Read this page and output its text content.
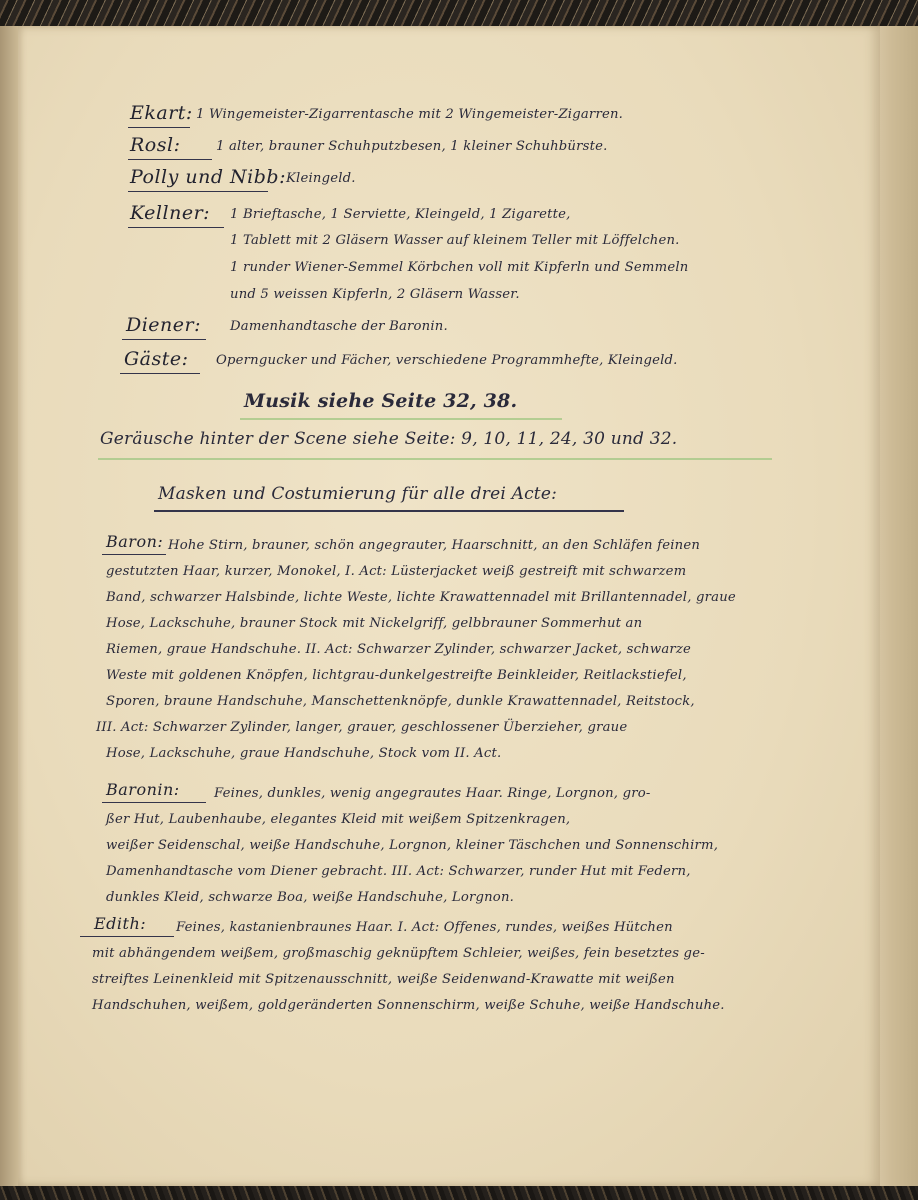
Ekart: 1 Wingemeister-Zigarrentasche mit 2 Wingemeister-Zigarren.
Rosl:	1 alter, brauner Schuhputzbesen, 1 kleiner Schuhbürste.
Polly und Nibb: Kleingeld.
Kellner: 1 Brieftasche, 1 Serviette, Kleingeld, 1 Zigarette,
1 Tablett mit 2 Gläsern Wasser auf kleinem Teller mit Löffelchen.
1 runder Wiener-Semmel Körbchen voll mit Kipferln und Semmeln
und 5 weissen Kipferln, 2 Gläsern Wasser.
Diener: Damenhandtasche der Baronin.
Gäste: Operngucker und Fächer, verschiedene Programmhefte, Kleingeld.
Musik siehe Seite 32, 38.
Geräusche hinter der Scene siehe Seite: 9, 10, 11, 24, 30 und 32.
Masken und Costumierung für alle drei Acte:
Baron: Hohe Stirn, brauner, schön angegrauter, Haarschnitt, an den Schläfen feinen
gestutzten Haar, kurzer, Monokel, I. Act: Lüsterjacket weiß gestreift mit schwarzem
Band, schwarzer Halsbinde, lichte Weste, lichte Krawattennadel mit Brillantennadel, graue
Hose, Lackschuhe, brauner Stock mit Nickelgriff, gelbbrauner Sommerhut an
Riemen, graue Handschuhe. II. Act: Schwarzer Zylinder, schwarzer Jacket, schwarze
Weste mit goldenen Knöpfen, lichtgrau-dunkelgestreifte Beinkleider, Reitlackstiefel,
Sporen, braune Handschuhe, Manschettenknöpfe, dunkle Krawattennadel, Reitstock,
III. Act: Schwarzer Zylinder, langer, grauer, geschlossener Überzieher, graue
Hose, Lackschuhe, graue Handschuhe, Stock vom II. Act.
Baronin:	Feines, dunkles, wenig angegrautes Haar. Ringe, Lorgnon, gro-
ßer Hut, Laubenhaube, elegantes Kleid mit weißem Spitzenkragen,
weißer Seidenschal, weiße Handschuhe, Lorgnon, kleiner Täschchen und Sonnenschirm,
Damenhandtasche vom Diener gebracht. III. Act: Schwarzer, runder Hut mit Federn,
dunkles Kleid, schwarze Boa, weiße Handschuhe, Lorgnon.
Edith: Feines, kastanienbraunes Haar. I. Act: Offenes, rundes, weißes Hütchen
mit abhängendem weißem, großmaschig geknüpftem Schleier, weißes, fein besetztes ge-
streiftes Leinenkleid mit Spitzenausschnitt, weiße Seidenwand-Krawatte mit weißen
Handschuhen, weißem, goldgeränderten Sonnenschirm, weiße Schuhe, weiße Handschuhe.
